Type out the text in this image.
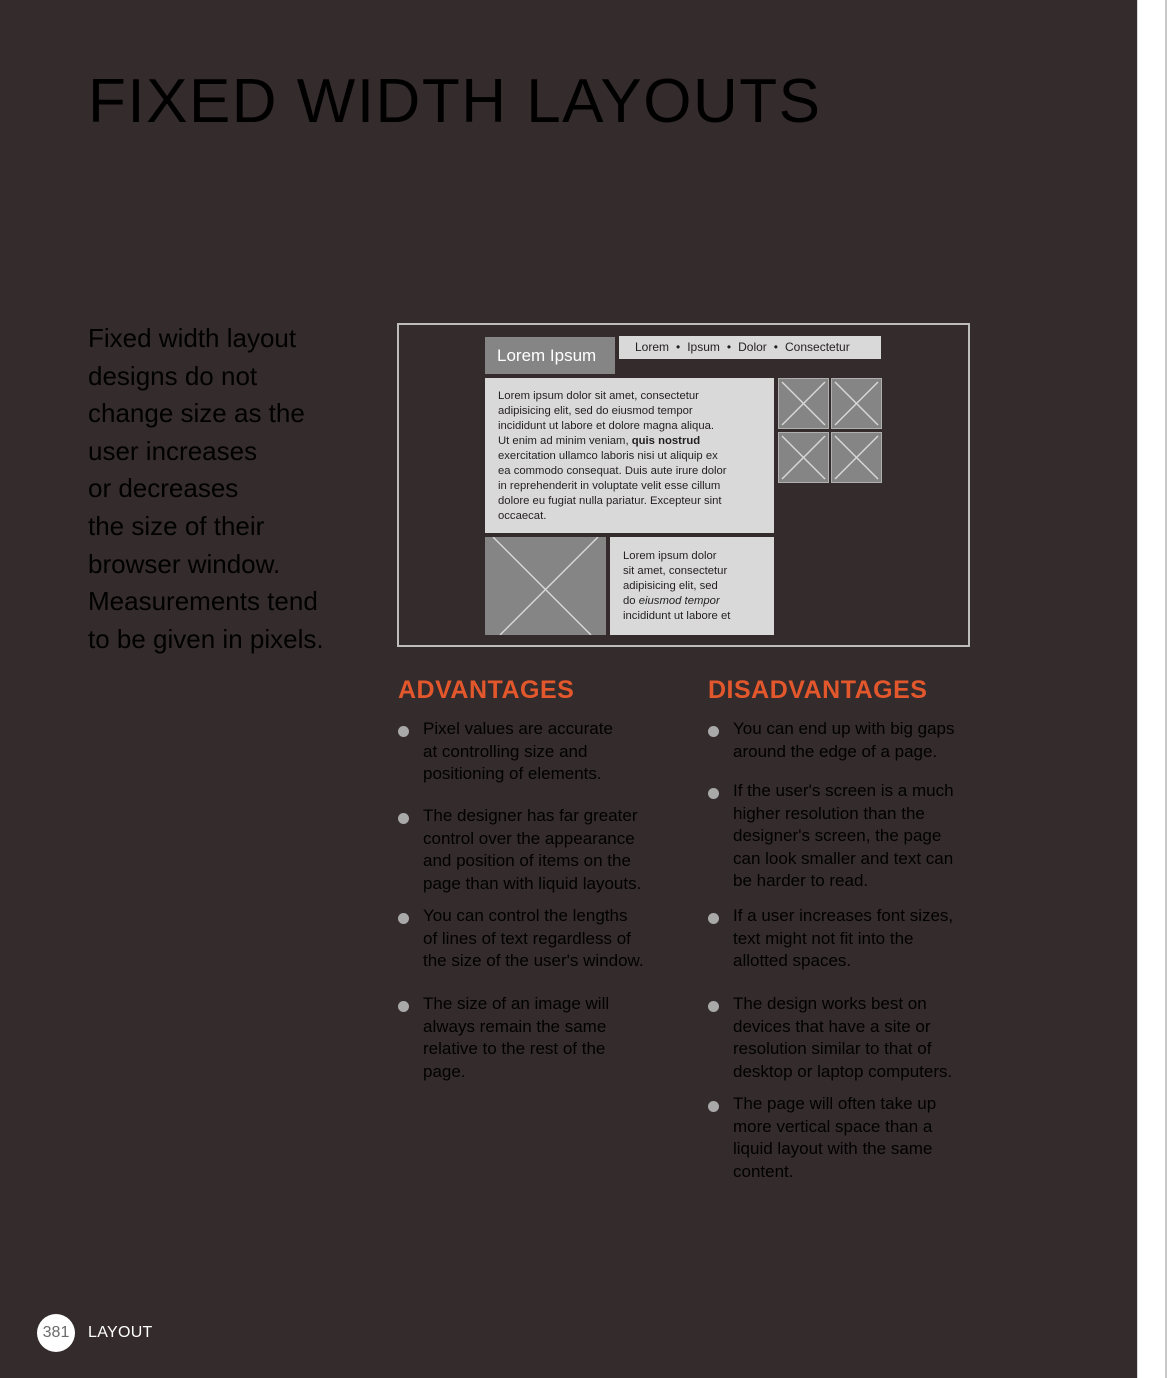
FIXED WIDTH LAYOUTS

Fixed width layout
designs do not
change size as the
user increases
or decreases
the size of their
browser window.
Measurements tend
to be given in pixels.

Lorem Ipsum	Lorem • Ipsum • Dolor • Consectetur
Lorem ipsum dolor sit amet, consectetur
adipisicing elit, sed do eiusmod tempor
incididunt ut labore et dolore magna aliqua.
Ut enim ad minim veniam, quis nostrud
exercitation ullamco laboris nisi ut aliquip ex
ea commodo consequat. Duis aute irure dolor
in reprehenderit in voluptate velit esse cillum
dolore eu fugiat nulla pariatur. Excepteur sint
occaecat.
Lorem ipsum dolor
sit amet, consectetur
adipisicing elit, sed
do eiusmod tempor
incididunt ut labore et
ADVANTAGES
Pixel values are accurate
at controlling size and
positioning of elements.
The designer has far greater
control over the appearance
and position of items on the
page than with liquid layouts.
You can control the lengths
of lines of text regardless of
the size of the user's window.
The size of an image will
always remain the same
relative to the rest of the
page.
DISADVANTAGES
You can end up with big gaps
around the edge of a page.
If the user's screen is a much
higher resolution than the
designer's screen, the page
can look smaller and text can
be harder to read.
If a user increases font sizes,
text might not fit into the
allotted spaces.
The design works best on
devices that have a site or
resolution similar to that of
desktop or laptop computers.
The page will often take up
more vertical space than a
liquid layout with the same
content.
381	LAYOUT
